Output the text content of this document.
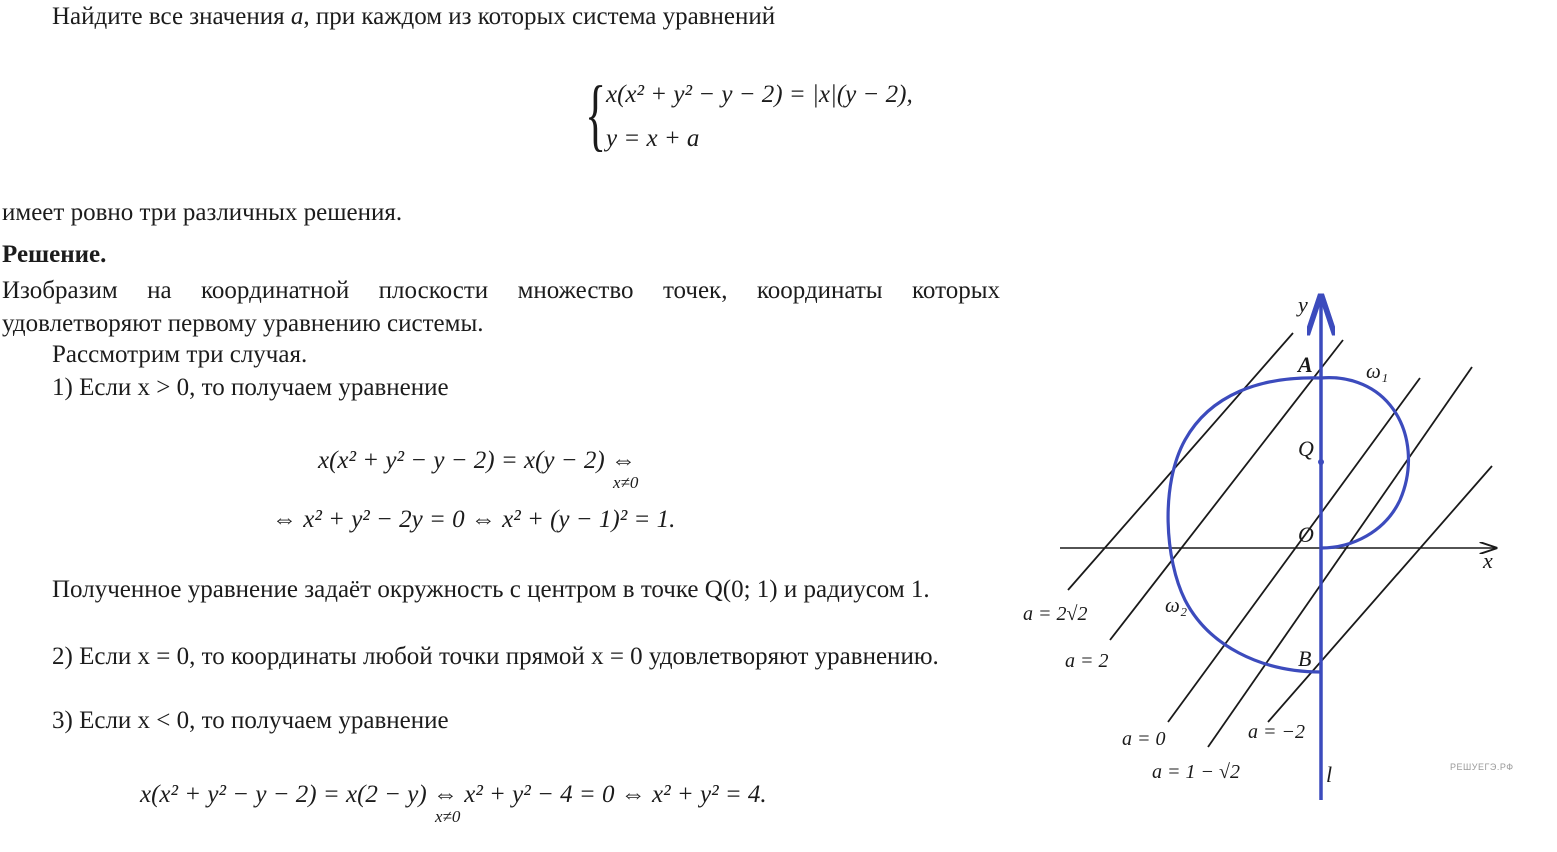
Найдите все значения a, при каждом из которых система уравнений
{ x(x² + y² − y − 2) = |x|(y − 2),
y = x + a
имеет ровно три различных решения.
Решение.
Изобразим на координатной плоскости множество точек, координаты которых удовлетворяют первому уравнению системы.
Рассмотрим три случая.
1) Если x > 0, то получаем уравнение
x(x² + y² − y − 2) = x(y − 2) ⇔
x≠0
⇔ x² + y² − 2y = 0 ⇔ x² + (y − 1)² = 1.
Полученное уравнение задаёт окружность с центром в точке Q(0; 1) и радиусом 1.
2) Если x = 0, то координаты любой точки прямой x = 0 удовлетворяют уравнению.
3) Если x < 0, то получаем уравнение
x(x² + y² − y − 2) = x(2 − y) ⇔
x≠0
x² + y² − 4 = 0 ⇔ x² + y² = 4.
y
x
A
Q
O
B
ω₁
ω₂
l
a = 2√2
a = 2
a = 0	a = −2
a = 1 − √2	РЕШУЕГЭ.РФ
